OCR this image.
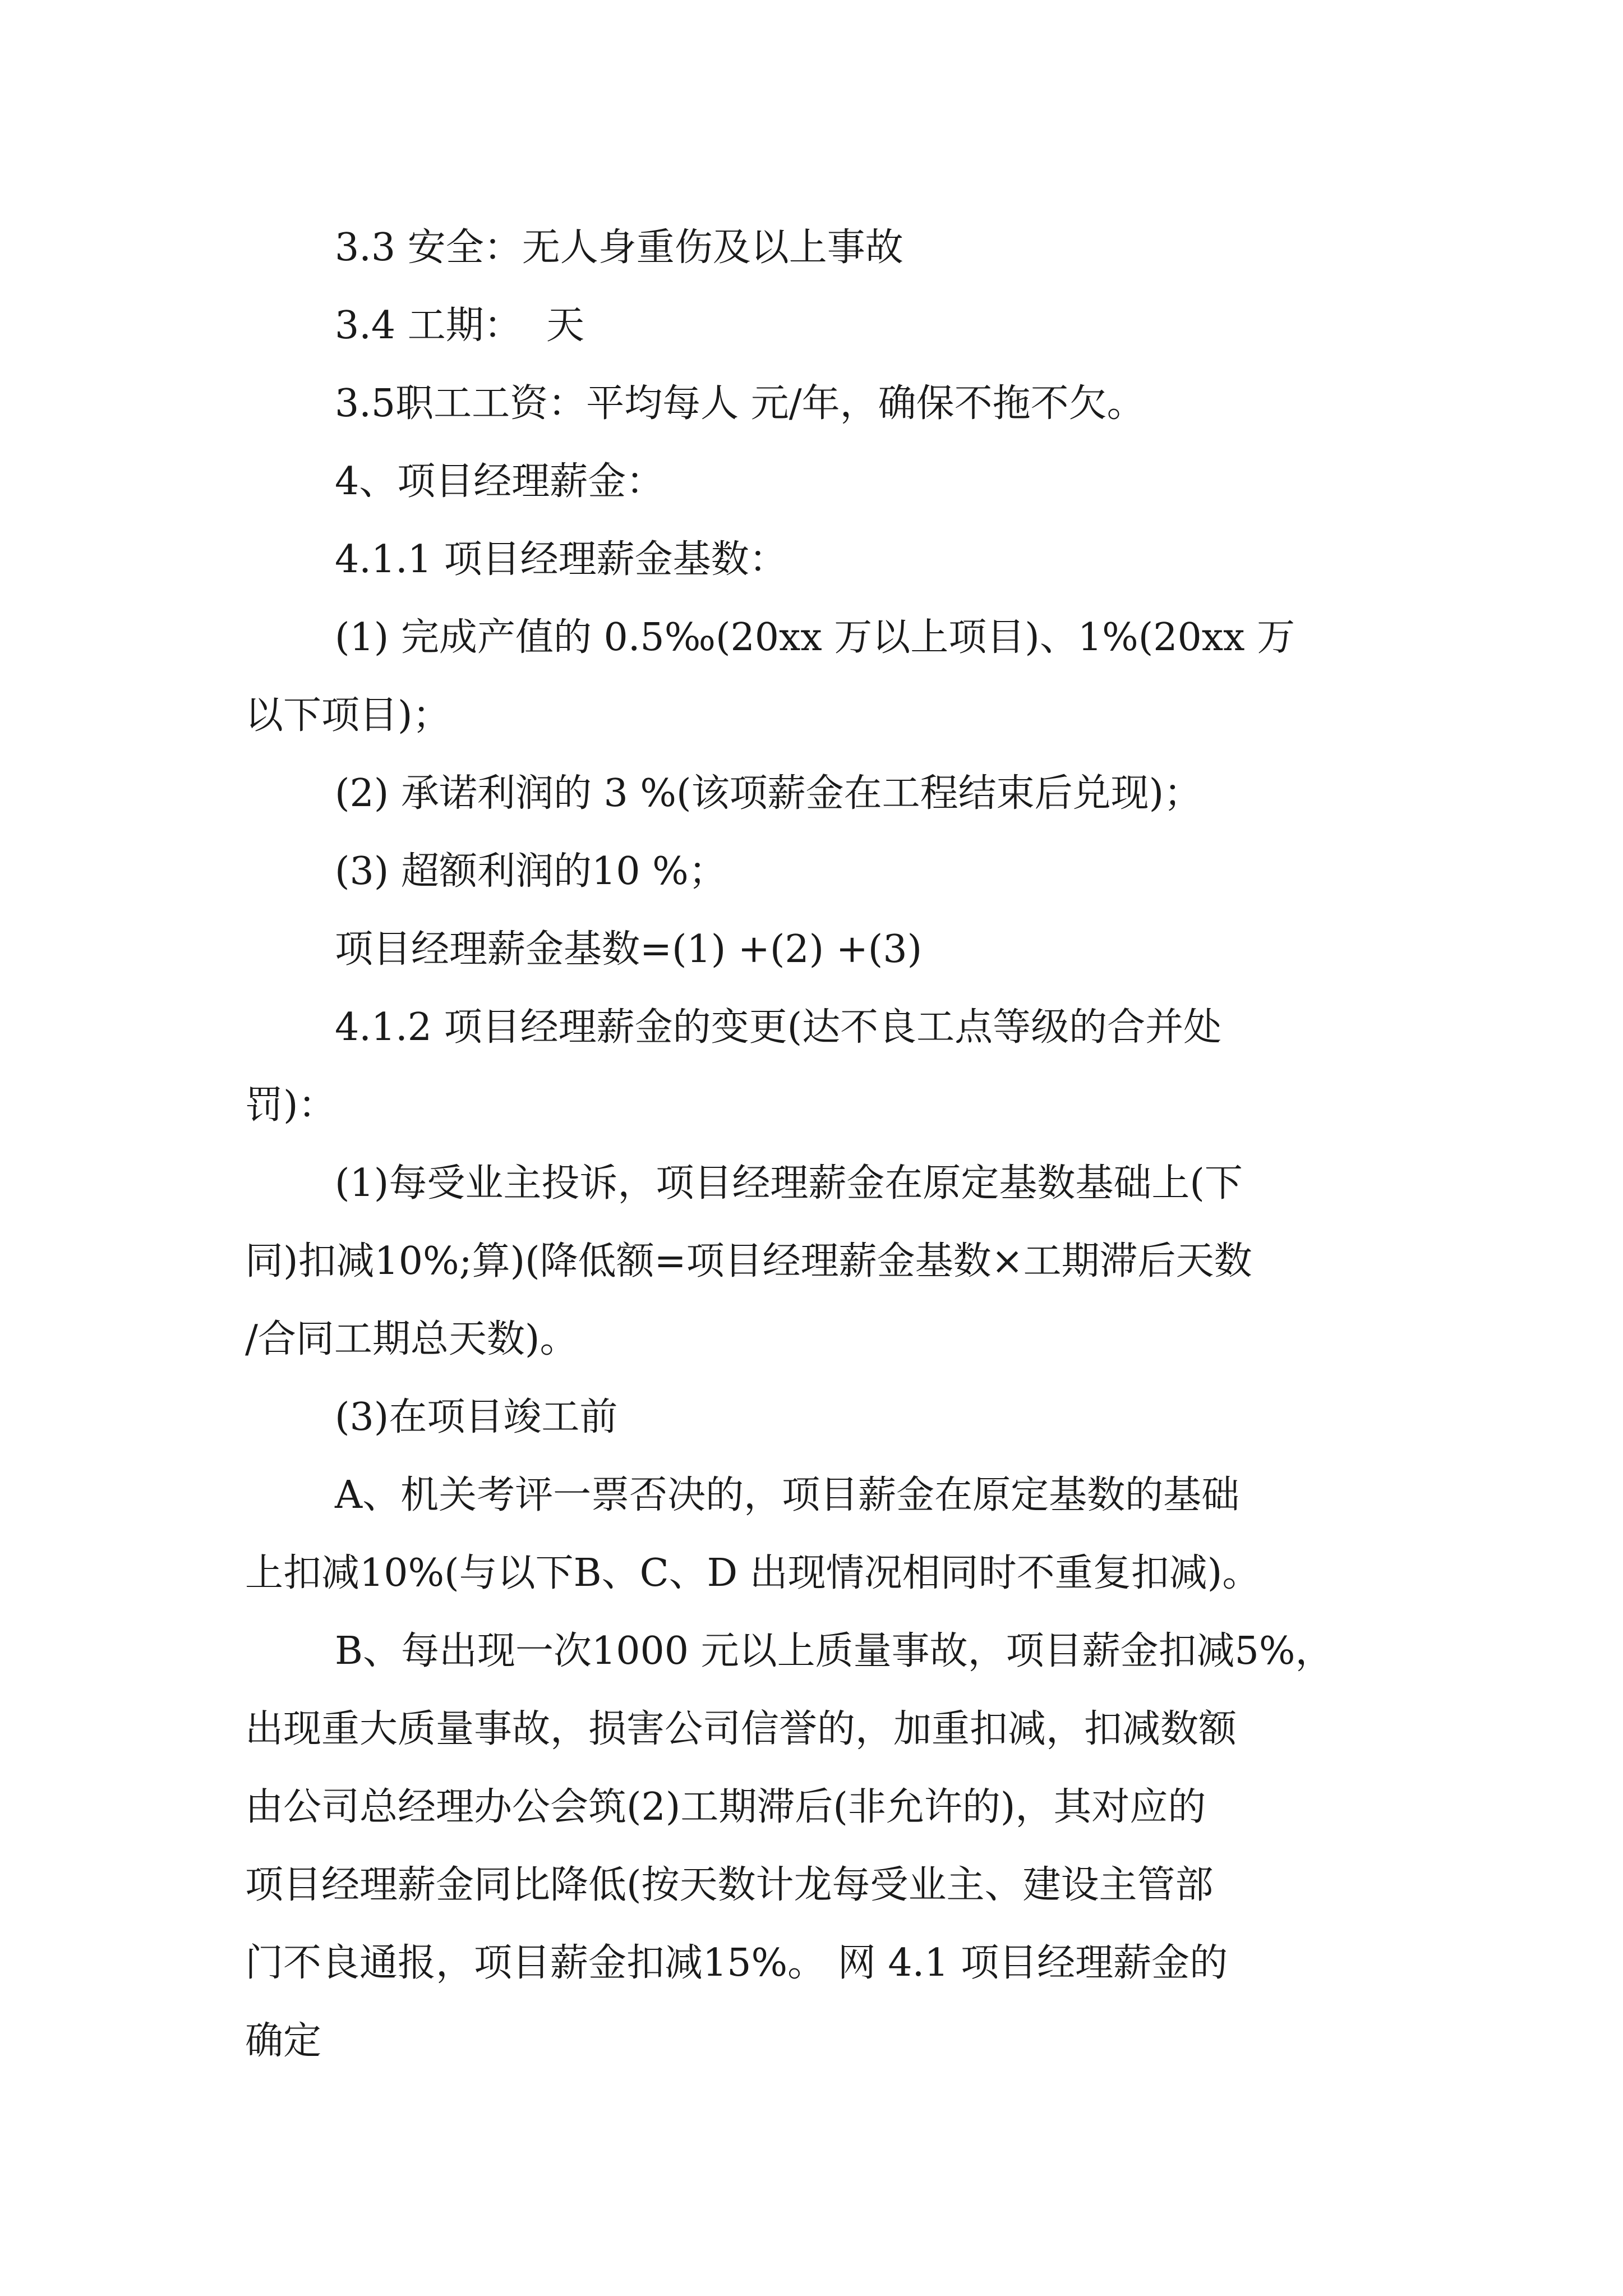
3.3 安全：无人身重伤及以上事故
3.4 工期：  天
3.5职工工资：平均每人 元/年，确保不拖不欠。
4、项目经理薪金：
4.1.1 项目经理薪金基数：
(1) 完成产值的 0.5‰(20xx 万以上项目)、1%(20xx 万
以下项目)；
(2) 承诺利润的 3 %(该项薪金在工程结束后兑现)；
(3) 超额利润的10 %；
项目经理薪金基数=(1) +(2) +(3)
4.1.2 项目经理薪金的变更(达不良工点等级的合并处
罚)：
(1)每受业主投诉，项目经理薪金在原定基数基础上(下
同)扣减10%;算)(降低额=项目经理薪金基数×工期滞后天数
/合同工期总天数)。
(3)在项目竣工前
A、机关考评一票否决的，项目薪金在原定基数的基础
上扣减10%(与以下B、C、D 出现情况相同时不重复扣减)。
B、每出现一次1000 元以上质量事故，项目薪金扣减5%，
出现重大质量事故，损害公司信誉的，加重扣减，扣减数额
由公司总经理办公会筑(2)工期滞后(非允许的)，其对应的
项目经理薪金同比降低(按天数计龙每受业主、建设主管部
门不良通报，项目薪金扣减15%。 网 4.1 项目经理薪金的
确定
